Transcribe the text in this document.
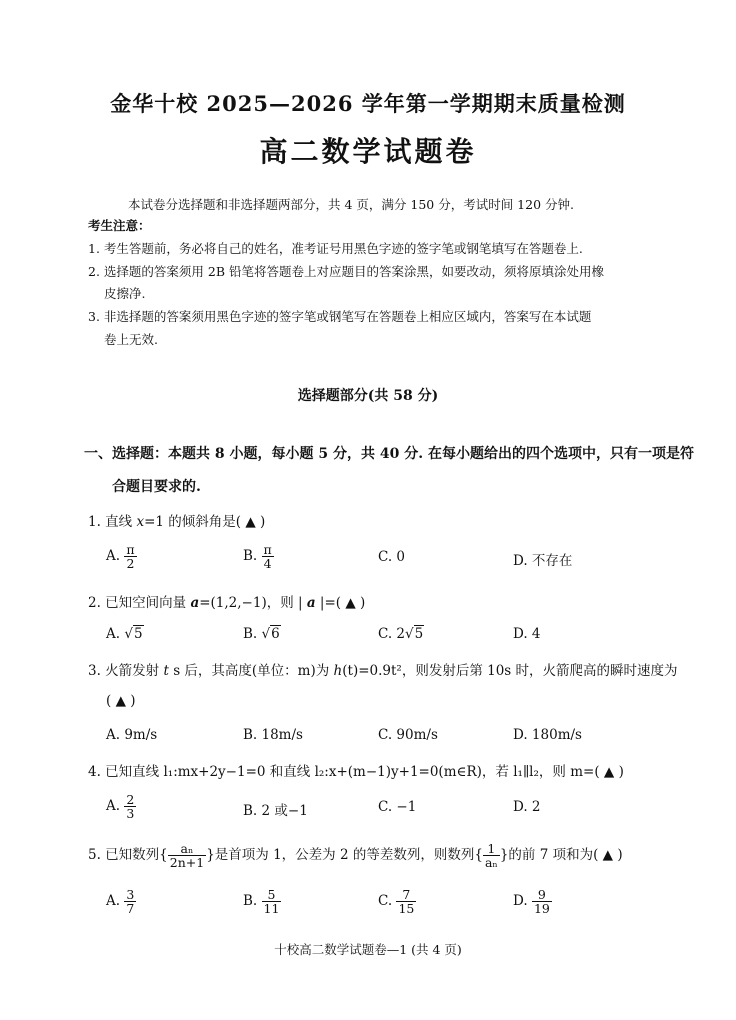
金华十校 2025—2026 学年第一学期期末质量检测
高二数学试题卷
本试卷分选择题和非选择题两部分，共 4 页，满分 150 分，考试时间 120 分钟.
考生注意：
1. 考生答题前，务必将自己的姓名，准考证号用黑色字迹的签字笔或钢笔填写在答题卷上.
2. 选择题的答案须用 2B 铅笔将答题卷上对应题目的答案涂黑，如要改动，须将原填涂处用橡
皮擦净.
3. 非选择题的答案须用黑色字迹的签字笔或钢笔写在答题卷上相应区域内，答案写在本试题
卷上无效.
选择题部分(共 58 分)
一、选择题：本题共 8 小题，每小题 5 分，共 40 分. 在每小题给出的四个选项中，只有一项是符
合题目要求的.
1. 直线 x=1 的倾斜角是( ▲ )
A. $\frac{\pi}{2}$	B. $\frac{\pi}{4}$	C. 0	D. 不存在
2. 已知空间向量 a=(1,2,−1)，则 | a |=( ▲ )
A. √5	B. √6	C. 2√5	D. 4
3. 火箭发射 t s 后，其高度(单位：m)为 h(t)=0.9t²，则发射后第 10s 时，火箭爬高的瞬时速度为
( ▲ )
A. 9m/s	B. 18m/s	C. 90m/s	D. 180m/s
4. 已知直线 l₁:mx+2y−1=0 和直线 l₂:x+(m−1)y+1=0(m∈R)，若 l₁∥l₂，则 m=( ▲ )
A. $\frac{2}{3}$	B. 2 或−1	C. −1	D. 2
5. 已知数列{ $\frac{\text{aₙ}}{2n+1}$ }是首项为 1，公差为 2 的等差数列，则数列{ $\frac{1}{\text{aₙ}}$ }的前 7 项和为( ▲ )
A. $\frac{3}{7}$	B. $\frac{5}{11}$	C. $\frac{7}{15}$	D. $\frac{9}{19}$
十校高二数学试题卷—1 (共 4 页)
